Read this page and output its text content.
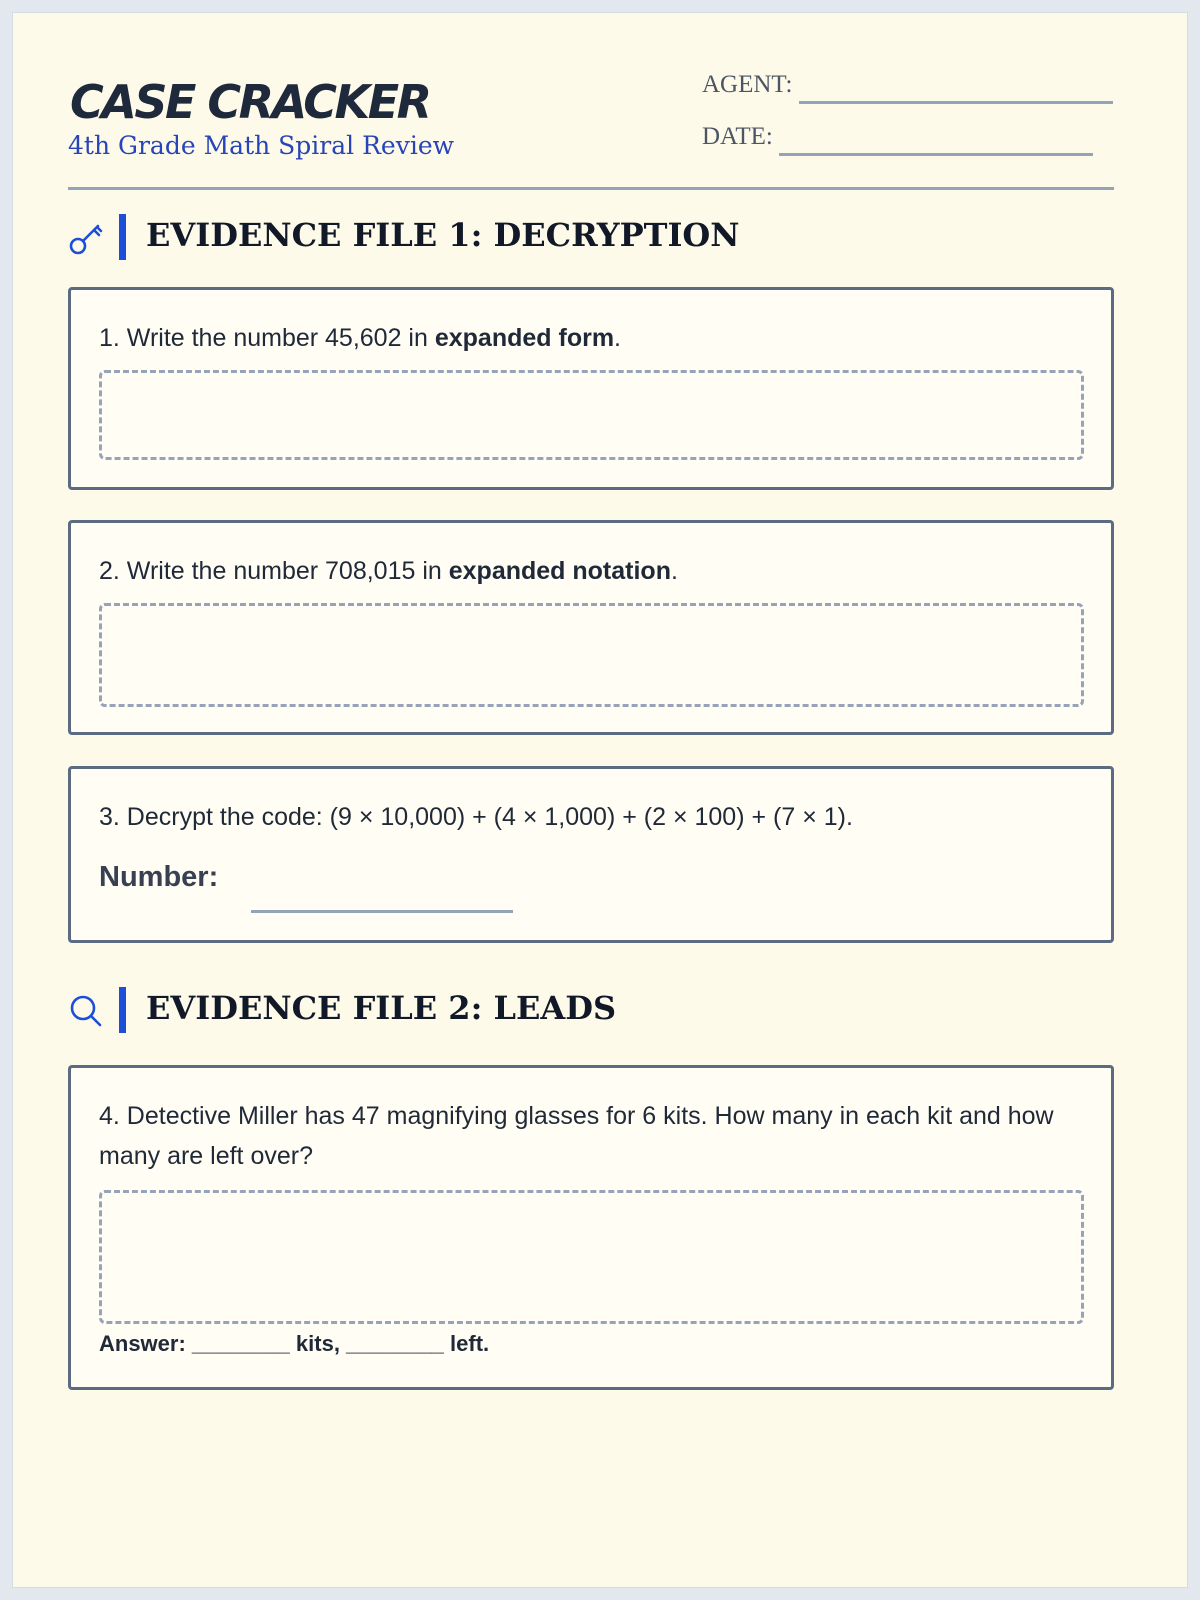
CASE CRACKER
4th Grade Math Spiral Review
AGENT:
DATE:
EVIDENCE FILE 1: DECRYPTION
1. Write the number 45,602 in expanded form.
2. Write the number 708,015 in expanded notation.
3. Decrypt the code: (9 × 10,000) + (4 × 1,000) + (2 × 100) + (7 × 1).
Number:
EVIDENCE FILE 2: LEADS
4. Detective Miller has 47 magnifying glasses for 6 kits. How many in each kit and how many are left over?
Answer: ________ kits, ________ left.
